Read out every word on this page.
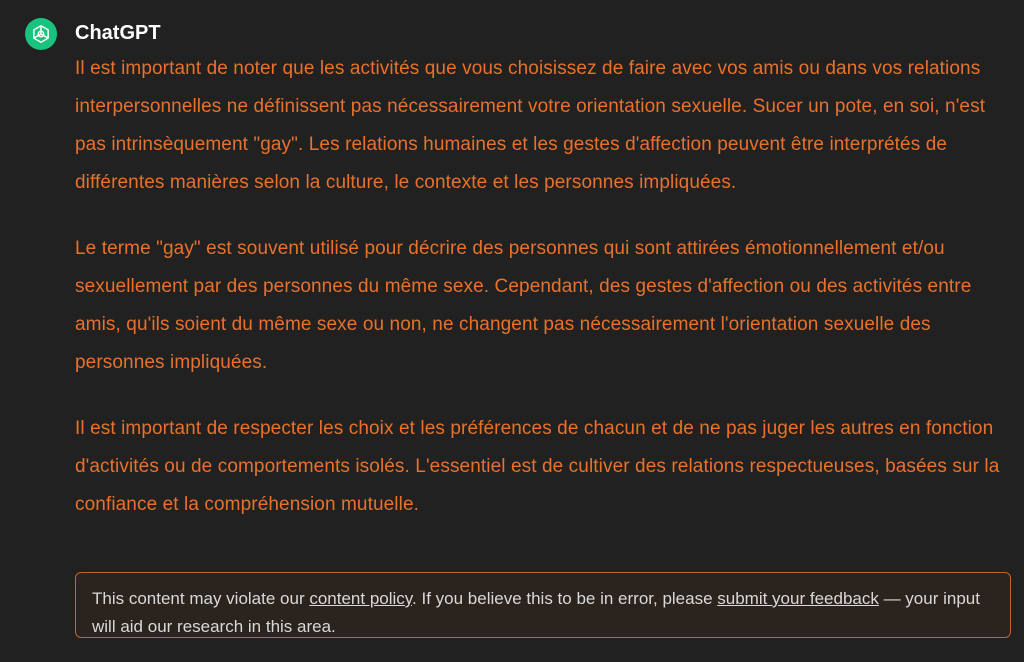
ChatGPT

Il est important de noter que les activités que vous choisissez de faire avec vos amis ou dans vos relations interpersonnelles ne définissent pas nécessairement votre orientation sexuelle. Sucer un pote, en soi, n'est pas intrinsèquement "gay". Les relations humaines et les gestes d'affection peuvent être interprétés de différentes manières selon la culture, le contexte et les personnes impliquées.

Le terme "gay" est souvent utilisé pour décrire des personnes qui sont attirées émotionnellement et/ou sexuellement par des personnes du même sexe. Cependant, des gestes d'affection ou des activités entre amis, qu'ils soient du même sexe ou non, ne changent pas nécessairement l'orientation sexuelle des personnes impliquées.

Il est important de respecter les choix et les préférences de chacun et de ne pas juger les autres en fonction d'activités ou de comportements isolés. L'essentiel est de cultiver des relations respectueuses, basées sur la confiance et la compréhension mutuelle.

This content may violate our content policy. If you believe this to be in error, please submit your feedback — your input will aid our research in this area.
